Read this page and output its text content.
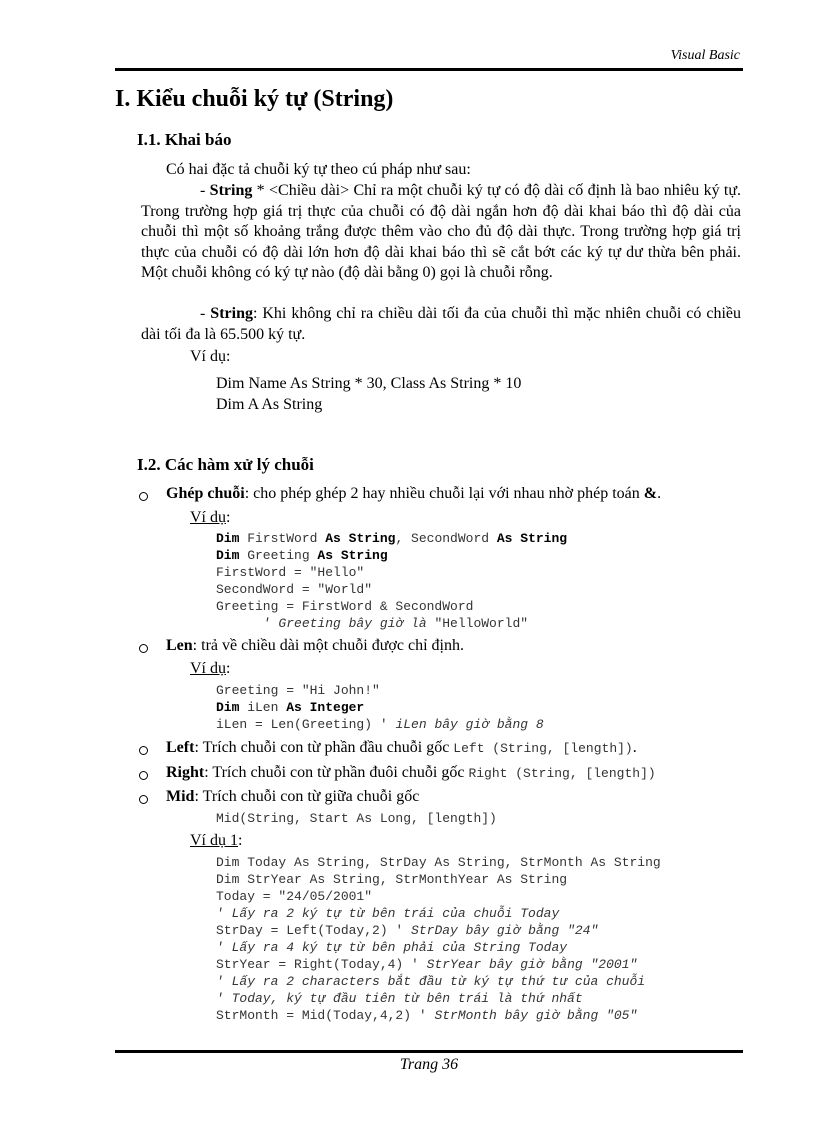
Visual Basic
I. Kiểu chuỗi ký tự (String)
I.1. Khai báo
Có hai đặc tả chuỗi ký tự theo cú pháp như sau:
- String * <Chiều dài> Chỉ ra một chuỗi ký tự có độ dài cố định là bao nhiêu ký tự. Trong trường hợp giá trị thực của chuỗi có độ dài ngắn hơn độ dài khai báo thì độ dài của chuỗi thì một số khoảng trắng được thêm vào cho đủ độ dài thực. Trong trường hợp giá trị thực của chuỗi có độ dài lớn hơn độ dài khai báo thì sẽ cắt bớt các ký tự dư thừa bên phải. Một chuỗi không có ký tự nào (độ dài bằng 0) gọi là chuỗi rỗng.
- String: Khi không chỉ ra chiều dài tối đa của chuỗi thì mặc nhiên chuỗi có chiều dài tối đa là 65.500 ký tự.
Ví dụ:
Dim Name As String * 30, Class As String * 10
Dim A As String
I.2. Các hàm xử lý chuỗi
Ghép chuỗi: cho phép ghép 2 hay nhiều chuỗi lại với nhau nhờ phép toán &.
Ví dụ:
Dim FirstWord As String, SecondWord As String
Dim Greeting As String
FirstWord = "Hello"
SecondWord = "World"
Greeting = FirstWord & SecondWord
' Greeting bây giờ là "HelloWorld"
Len: trả về chiều dài một chuỗi được chỉ định.
Ví dụ:
Greeting = "Hi John!"
Dim iLen As Integer
iLen = Len(Greeting) ' iLen bây giờ bằng 8
Left: Trích chuỗi con từ phần đầu chuỗi gốc Left (String, [length]).
Right: Trích chuỗi con từ phần đuôi chuỗi gốc Right (String, [length])
Mid: Trích chuỗi con từ giữa chuỗi gốc
Mid(String, Start As Long, [length])
Ví dụ 1:
Dim Today As String, StrDay As String, StrMonth As String
Dim StrYear As String, StrMonthYear As String
Today = "24/05/2001"
' Lấy ra 2 ký tự từ bên trái của chuỗi Today
StrDay = Left(Today,2) ' StrDay bây giờ bằng "24"
' Lấy ra 4 ký tự từ bên phải của String Today
StrYear = Right(Today,4) ' StrYear bây giờ bằng "2001"
' Lấy ra 2 characters bắt đầu từ ký tự thứ tư của chuỗi
' Today, ký tự đầu tiên từ bên trái là thứ nhất
StrMonth = Mid(Today,4,2) ' StrMonth bây giờ bằng "05"
Trang 36
